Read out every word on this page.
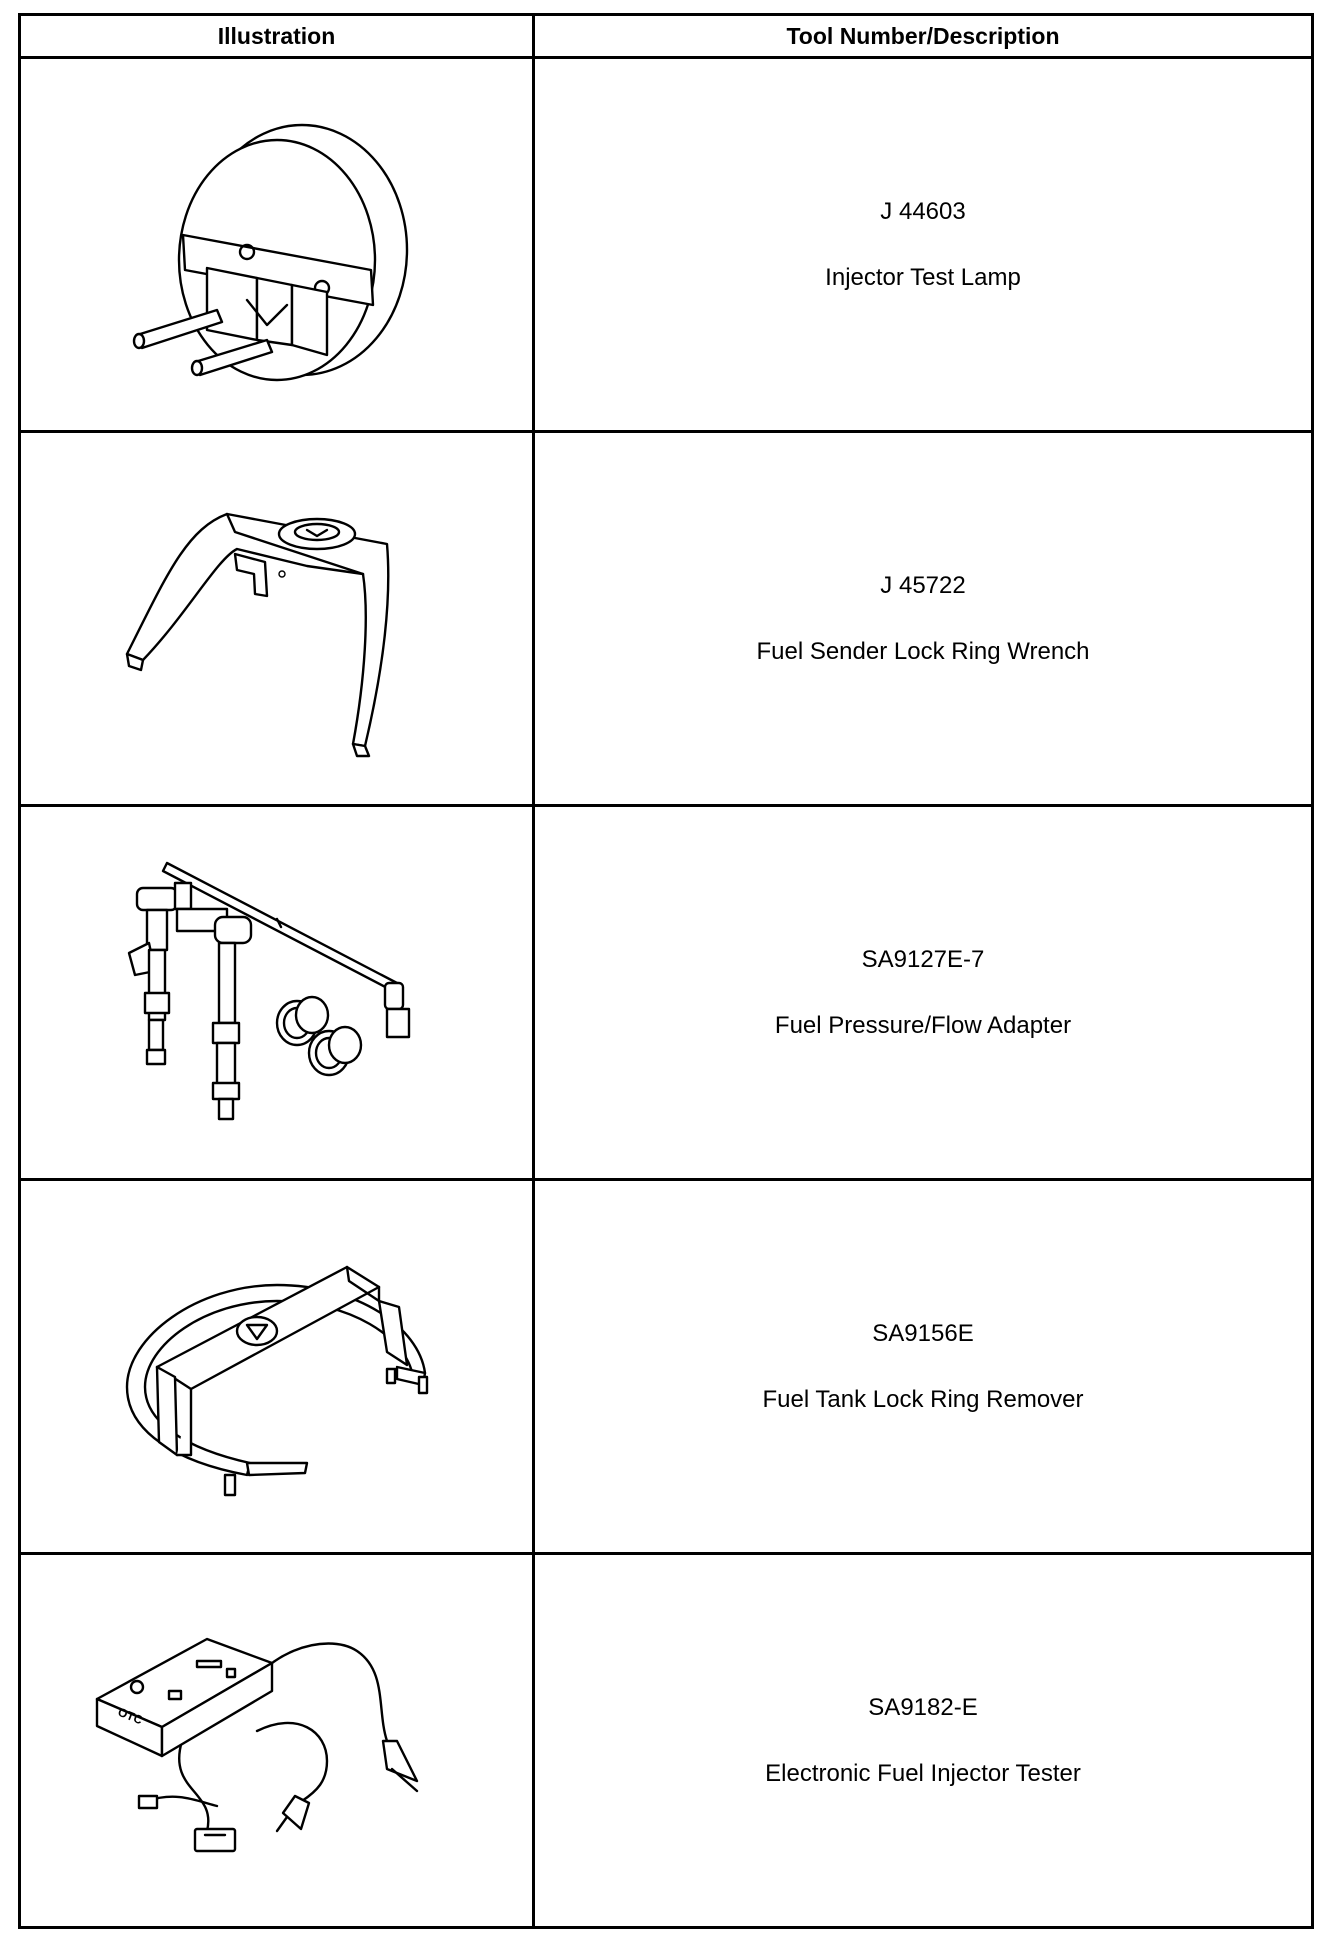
Illustration	Tool Number/Description

J 44603
Injector Test Lamp

J 45722
Fuel Sender Lock Ring Wrench

SA9127E-7
Fuel Pressure/Flow Adapter

SA9156E
Fuel Tank Lock Ring Remover

OTC	SA9182-E
Electronic Fuel Injector Tester
